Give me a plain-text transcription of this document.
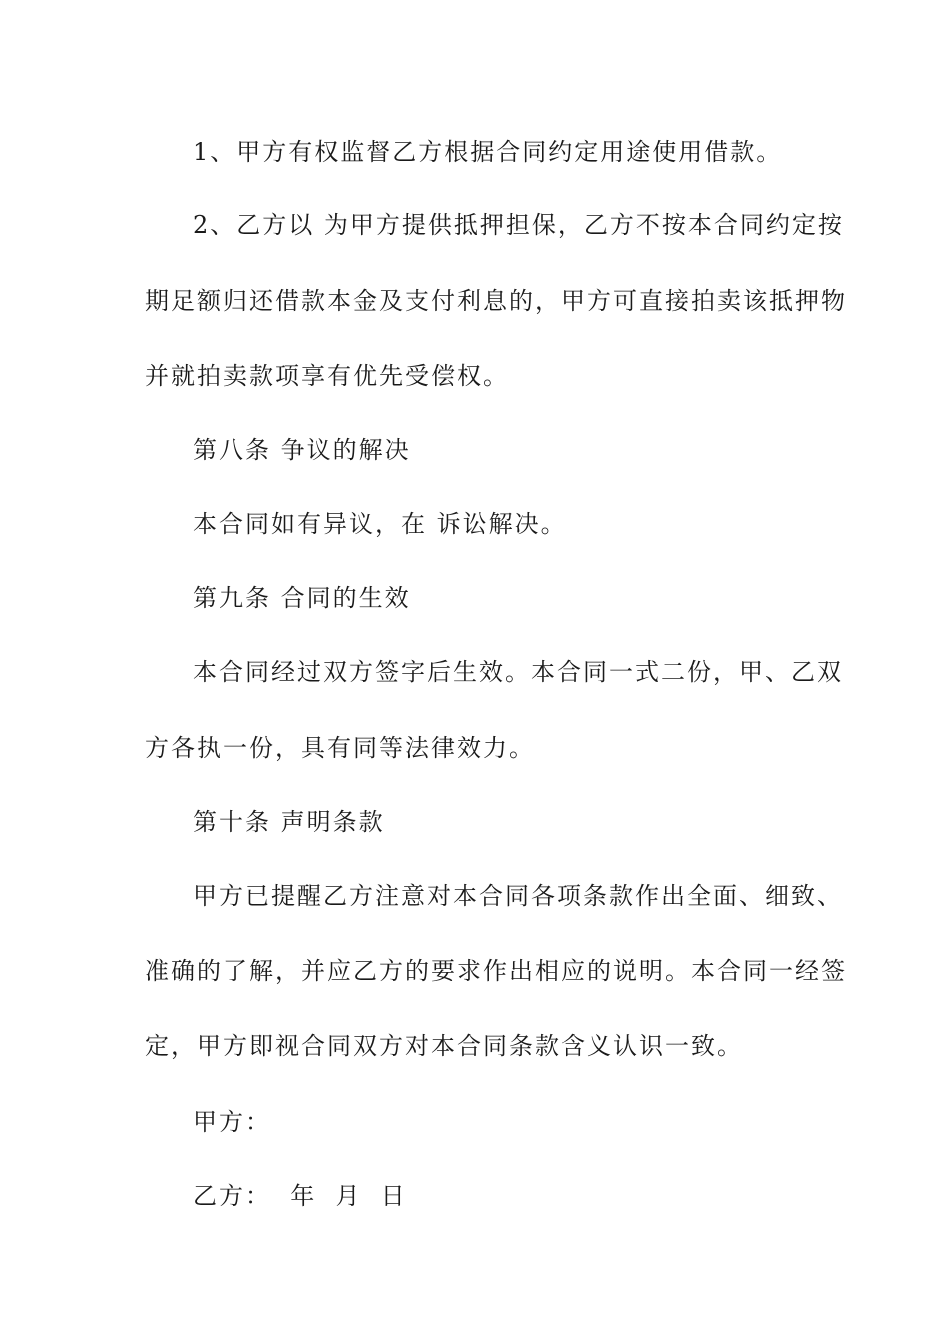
1、甲方有权监督乙方根据合同约定用途使用借款。
2、乙方以 为甲方提供抵押担保，乙方不按本合同约定按
期足额归还借款本金及支付利息的，甲方可直接拍卖该抵押物
并就拍卖款项享有优先受偿权。
第八条 争议的解决
本合同如有异议，在 诉讼解决。
第九条 合同的生效
本合同经过双方签字后生效。本合同一式二份，甲、乙双
方各执一份，具有同等法律效力。
第十条 声明条款
甲方已提醒乙方注意对本合同各项条款作出全面、细致、
准确的了解，并应乙方的要求作出相应的说明。本合同一经签
定，甲方即视合同双方对本合同条款含义认识一致。
甲方：
乙方：  年  月  日
